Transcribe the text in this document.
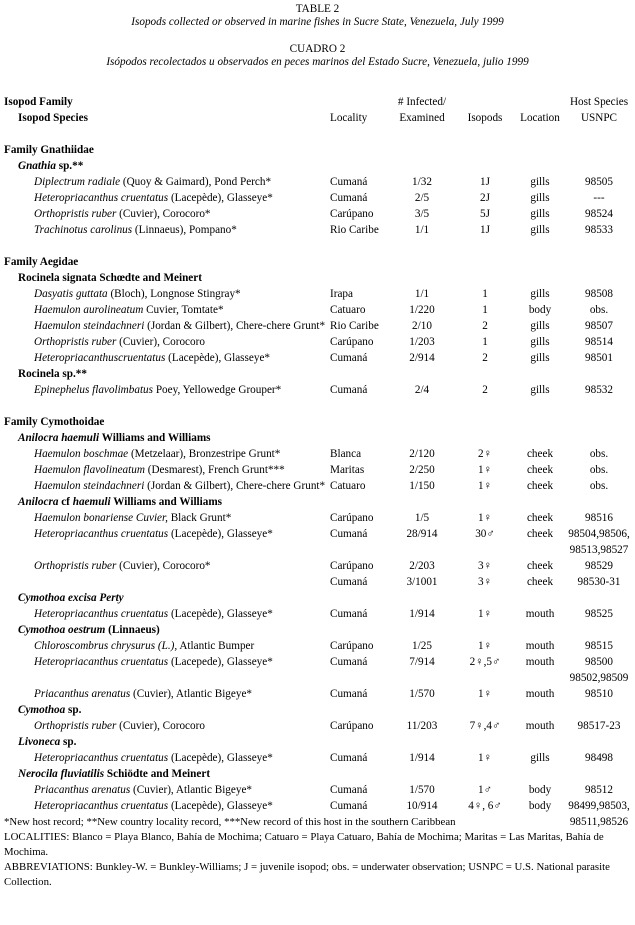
TABLE 2
Isopods collected or observed in marine fishes in Sucre State, Venezuela, July 1999
CUADRO 2
Isópodos recolectados u observados en peces marinos del Estado Sucre, Venezuela, julio 1999
Isopod Family		# Infected/			Host Species
Isopod Species	Locality	Examined	Isopods	Location	USNPC

Family Gnathiidae					
Gnathia sp.**					
Diplectrum radiale (Quoy & Gaimard), Pond Perch*	Cumaná	1/32	1J	gills	98505
Heteropriacanthus cruentatus (Lacepède), Glasseye*	Cumaná	2/5	2J	gills	---
Orthopristis ruber (Cuvier), Corocoro*	Carúpano	3/5	5J	gills	98524
Trachinotus carolinus (Linnaeus), Pompano*	Rio Caribe	1/1	1J	gills	98533

Family Aegidae					
Rocinela signata Schœdte and Meinert					
Dasyatis guttata (Bloch), Longnose Stingray*	Irapa	1/1	1	gills	98508
Haemulon aurolineatum Cuvier, Tomtate*	Catuaro	1/220	1	body	obs.
Haemulon steindachneri (Jordan & Gilbert), Chere-chere Grunt*	Rio Caribe	2/10	2	gills	98507
Orthopristis ruber (Cuvier), Corocoro	Carúpano	1/203	1	gills	98514
Heteropriacanthuscruentatus (Lacepède), Glasseye*	Cumaná	2/914	2	gills	98501
Rocinela sp.**					
Epinephelus flavolimbatus Poey, Yellowedge Grouper*	Cumaná	2/4	2	gills	98532

Family Cymothoidae					
Anilocra haemuli Williams and Williams					
Haemulon boschmae (Metzelaar), Bronzestripe Grunt*	Blanca	2/120	2♀	cheek	obs.
Haemulon flavolineatum (Desmarest), French Grunt***	Maritas	2/250	1♀	cheek	obs.
Haemulon steindachneri (Jordan & Gilbert), Chere-chere Grunt*	Catuaro	1/150	1♀	cheek	obs.
Anilocra cf haemuli Williams and Williams					
Haemulon bonariense Cuvier, Black Grunt*	Carúpano	1/5	1♀	cheek	98516
Heteropriacanthus cruentatus (Lacepède), Glasseye*	Cumaná	28/914	30♂	cheek	98504,98506,
					98513,98527
Orthopristis ruber (Cuvier), Corocoro*	Carúpano	2/203	3♀	cheek	98529
	Cumaná	3/1001	3♀	cheek	98530-31
Cymothoa excisa Perty					
Heteropriacanthus cruentatus (Lacepède), Glasseye*	Cumaná	1/914	1♀	mouth	98525
Cymothoa oestrum (Linnaeus)					
Chloroscombrus chrysurus (L.), Atlantic Bumper	Carúpano	1/25	1♀	mouth	98515
Heteropriacanthus cruentatus (Lacepede), Glasseye*	Cumaná	7/914	2♀,5♂	mouth	98500
					98502,98509
Priacanthus arenatus (Cuvier), Atlantic Bigeye*	Cumaná	1/570	1♀	mouth	98510
Cymothoa sp.					
Orthopristis ruber (Cuvier), Corocoro	Carúpano	11/203	7♀,4♂	mouth	98517-23
Livoneca sp.					
Heteropriacanthus cruentatus (Lacepède), Glasseye*	Cumaná	1/914	1♀	gills	98498
Nerocila fluviatilis Schiödte and Meinert					
Priacanthus arenatus (Cuvier), Atlantic Bigeye*	Cumaná	1/570	1♂	body	98512
Heteropriacanthus cruentatus (Lacepède), Glasseye*	Cumaná	10/914	4♀, 6♂	body	98499,98503,
					98511,98526
*New host record; **New country locality record, ***New record of this host in the southern Caribbean
LOCALITIES: Blanco = Playa Blanco, Bahía de Mochima; Catuaro = Playa Catuaro, Bahía de Mochima; Maritas = Las Maritas, Bahía de Mochima.
ABBREVIATIONS: Bunkley-W. = Bunkley-Williams; J = juvenile isopod; obs. = underwater observation; USNPC = U.S. National parasite Collection.
